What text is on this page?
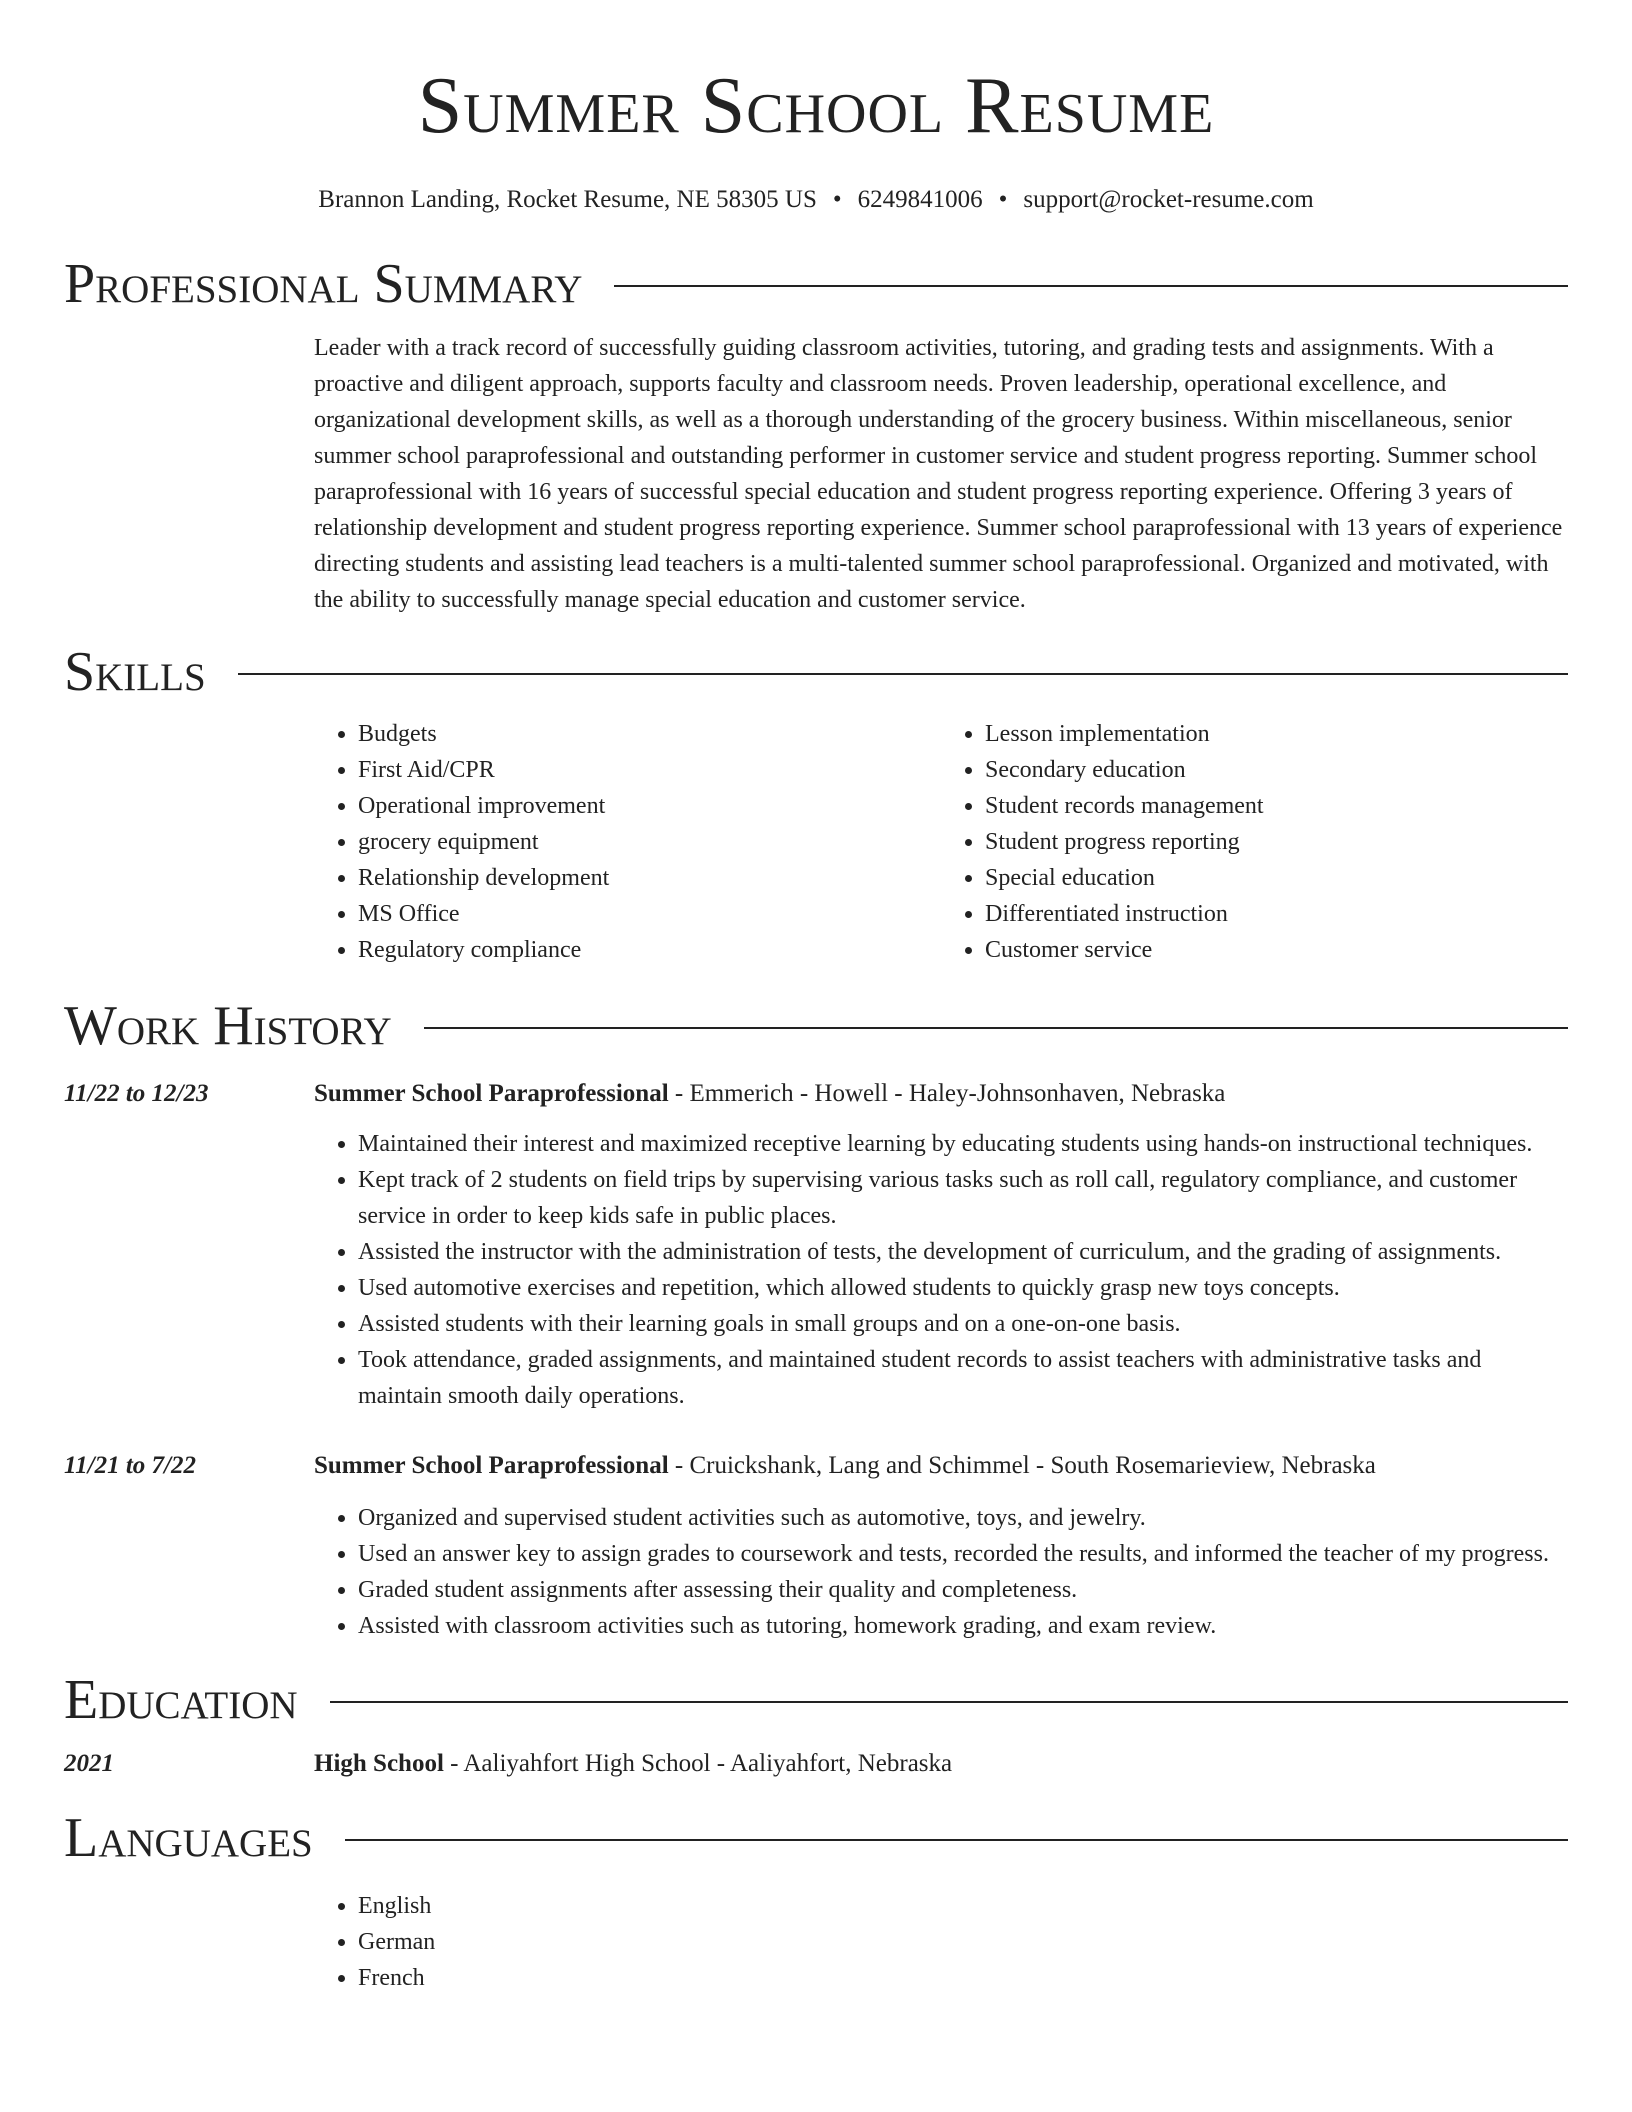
Summer School Resume
Brannon Landing, Rocket Resume, NE 58305 US • 6249841006 • support@rocket-resume.com
Professional Summary

Leader with a track record of successfully guiding classroom activities, tutoring, and grading tests and assignments. With a proactive and diligent approach, supports faculty and classroom needs. Proven leadership, operational excellence, and organizational development skills, as well as a thorough understanding of the grocery business. Within miscellaneous, senior summer school paraprofessional and outstanding performer in customer service and student progress reporting. Summer school paraprofessional with 16 years of successful special education and student progress reporting experience. Offering 3 years of relationship development and student progress reporting experience. Summer school paraprofessional with 13 years of experience directing students and assisting lead teachers is a multi-talented summer school paraprofessional. Organized and motivated, with the ability to successfully manage special education and customer service.

Skills
• Budgets
• First Aid/CPR
• Operational improvement
• grocery equipment
• Relationship development
• MS Office
• Regulatory compliance
• Lesson implementation
• Secondary education
• Student records management
• Student progress reporting
• Special education
• Differentiated instruction
• Customer service
Work History
11/22 to 12/23	Summer School Paraprofessional - Emmerich - Howell - Haley-Johnsonhaven, Nebraska
• Maintained their interest and maximized receptive learning by educating students using hands-on instructional techniques.
• Kept track of 2 students on field trips by supervising various tasks such as roll call, regulatory compliance, and customer service in order to keep kids safe in public places.
• Assisted the instructor with the administration of tests, the development of curriculum, and the grading of assignments.
• Used automotive exercises and repetition, which allowed students to quickly grasp new toys concepts.
• Assisted students with their learning goals in small groups and on a one-on-one basis.
• Took attendance, graded assignments, and maintained student records to assist teachers with administrative tasks and maintain smooth daily operations.
11/21 to 7/22	Summer School Paraprofessional - Cruickshank, Lang and Schimmel - South Rosemarieview, Nebraska
• Organized and supervised student activities such as automotive, toys, and jewelry.
• Used an answer key to assign grades to coursework and tests, recorded the results, and informed the teacher of my progress.
• Graded student assignments after assessing their quality and completeness.
• Assisted with classroom activities such as tutoring, homework grading, and exam review.
Education
2021	High School - Aaliyahfort High School - Aaliyahfort, Nebraska
Languages
• English
• German
• French
